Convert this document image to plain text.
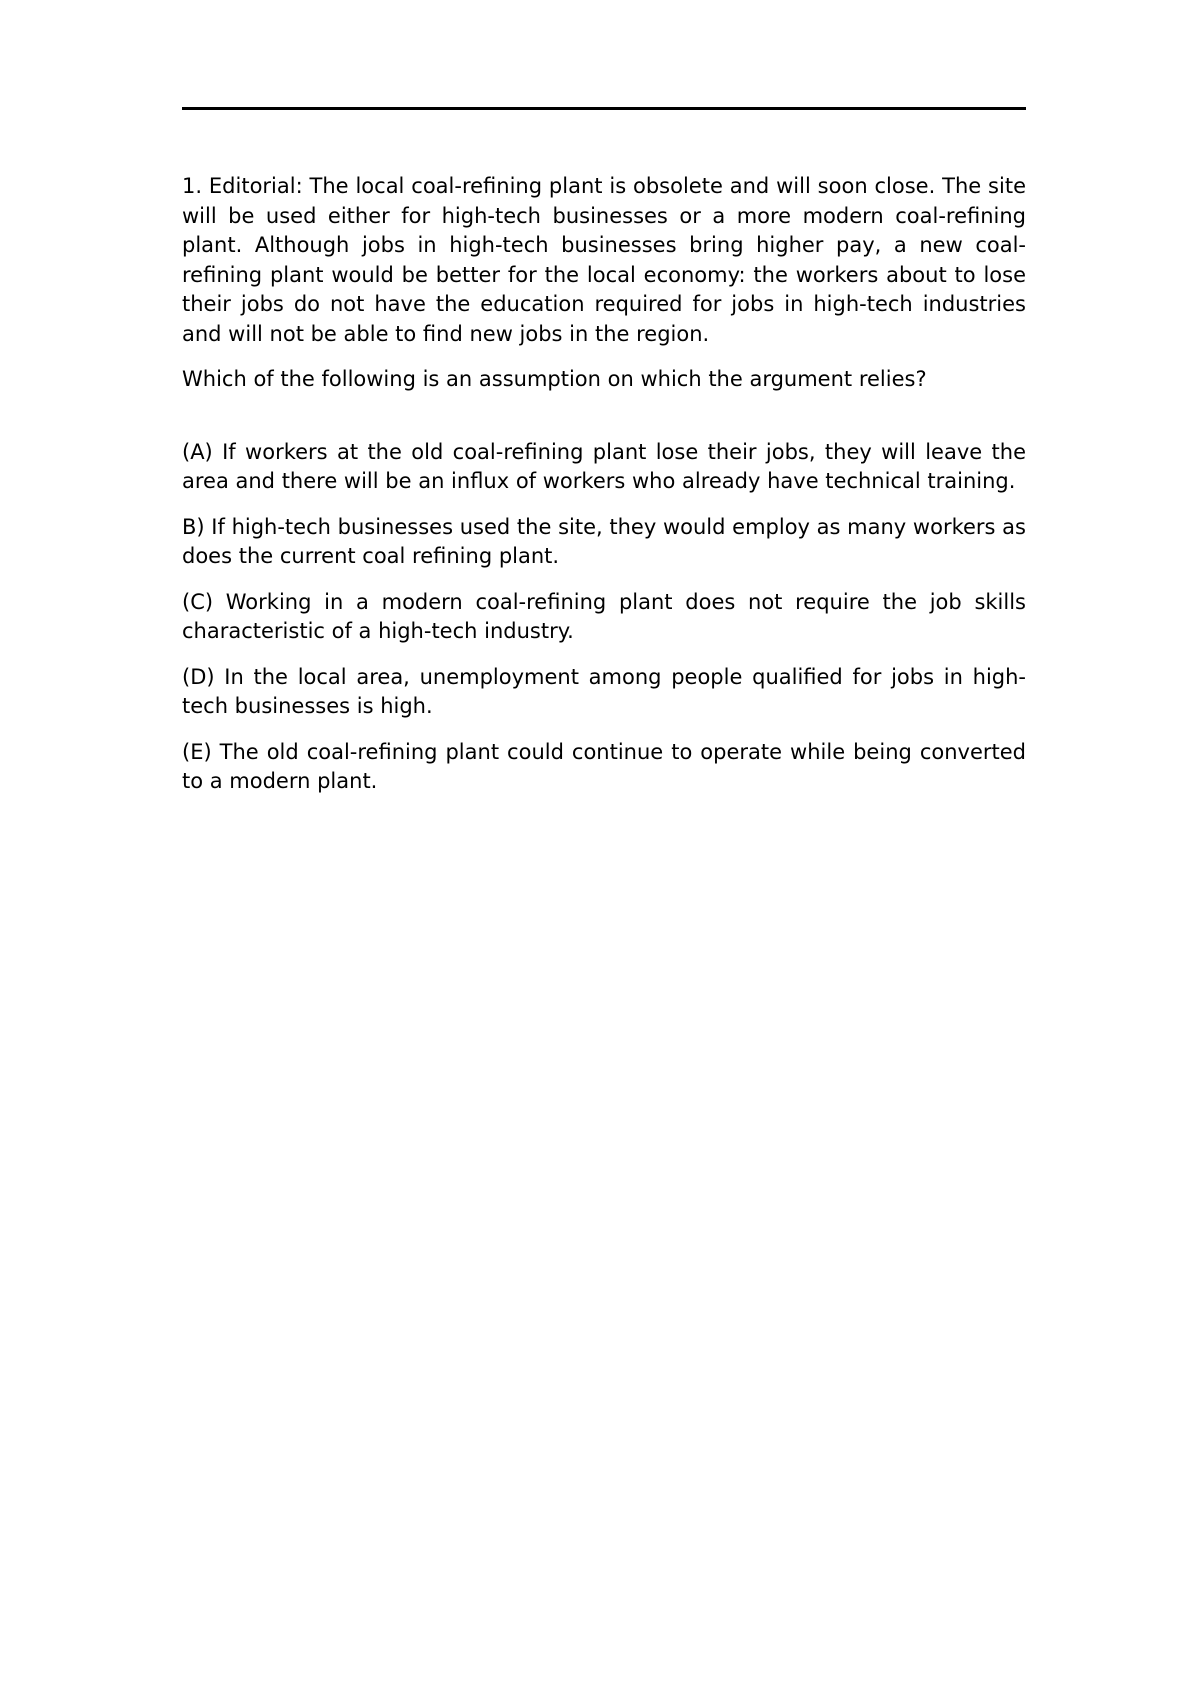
1. Editorial: The local coal-refining plant is obsolete and will soon close. The site will be used either for high-tech businesses or a more modern coal-refining plant. Although jobs in high-tech businesses bring higher pay, a new coal-refining plant would be better for the local economy: the workers about to lose their jobs do not have the education required for jobs in high-tech industries and will not be able to find new jobs in the region.

Which of the following is an assumption on which the argument relies?

(A) If workers at the old coal-refining plant lose their jobs, they will leave the area and there will be an influx of workers who already have technical training.

B) If high-tech businesses used the site, they would employ as many workers as does the current coal refining plant.

(C) Working in a modern coal-refining plant does not require the job skills characteristic of a high-tech industry.

(D) In the local area, unemployment among people qualified for jobs in high-tech businesses is high.

(E) The old coal-refining plant could continue to operate while being converted to a modern plant.
